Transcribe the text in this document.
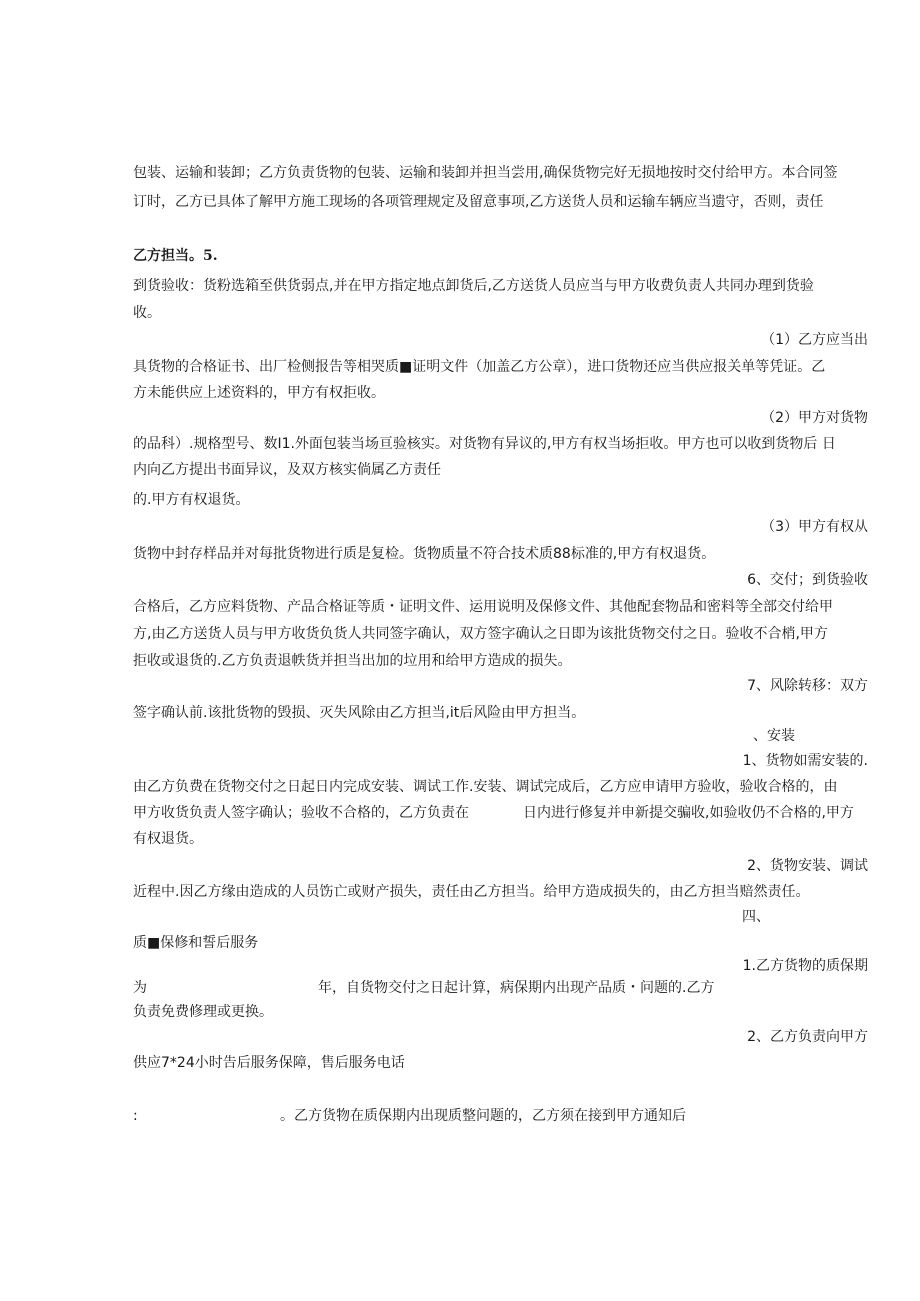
包装、运输和装卸；乙方负责货物的包装、运输和装卸并担当尝用,确保货物完好无损地按时交付给甲方。本合同签

订时，乙方已具体了解甲方施工现场的各项管理规定及留意事项,乙方送货人员和运输车辆应当遗守，否则，责任

乙方担当。5.

到货验收：货粉选箱至供货弱点,并在甲方指定地点卸货后,乙方送货人员应当与甲方收费负责人共同办理到货验

收。

（1）乙方应当出

具货物的合格证书、出厂检侧报告等相哭质■证明文件（加盖乙方公章），进口货物还应当供应报关单等凭证。乙

方未能供应上述资料的，甲方有权拒收。

（2）甲方对货物

的品科）.规格型号、数I1.外面包装当场亘验核实。对货物有异议的,甲方有权当场拒收。甲方也可以收到货物后 日

内向乙方提出书面异议，及双方核实倘属乙方责任

的.甲方有权退货。

（3）甲方有权从

货物中封存样品并对每批货物进行质是复检。货物质量不符合技术质88标准的,甲方有权退货。

6、交付；到货验收

合格后，乙方应料货物、产品合格证等质・证明文件、运用说明及保修文件、其他配套物品和密料等全部交付给甲

方,由乙方送货人员与甲方收货负货人共同签字确认，双方签字确认之日即为该批货物交付之日。验收不合梢,甲方

拒收或退货的.乙方负责退帙货并担当出加的垃用和给甲方造成的损失。

7、风除转移：双方

签字确认前.该批货物的毁损、灭失风除由乙方担当,it后风险由甲方担当。

、安装

1、货物如需安装的.

由乙方负费在货物交付之日起日内完成安装、调试工作.安装、调试完成后，乙方应申请甲方验收，验收合格的，由

甲方收货负责人签字确认；验收不合格的，乙方负责在	日内进行修复并申新提交骗收,如验收仍不合格的,甲方

有权退货。

2、货物安装、调试

近程中.因乙方缘由造成的人员饬亡或财产损失，责任由乙方担当。给甲方造成损失的，由乙方担当赔然责任。

四、

质■保修和誓后服务

1.乙方货物的质保期

为	年，自货物交付之日起计算，病保期内出现产品质・问题的.乙方

负责免费修理或更换。

2、乙方负责向甲方

供应7*24小时告后服务保障，售后服务电话

:	。乙方货物在质保期内出现质整问题的，乙方须在接到甲方通知后
